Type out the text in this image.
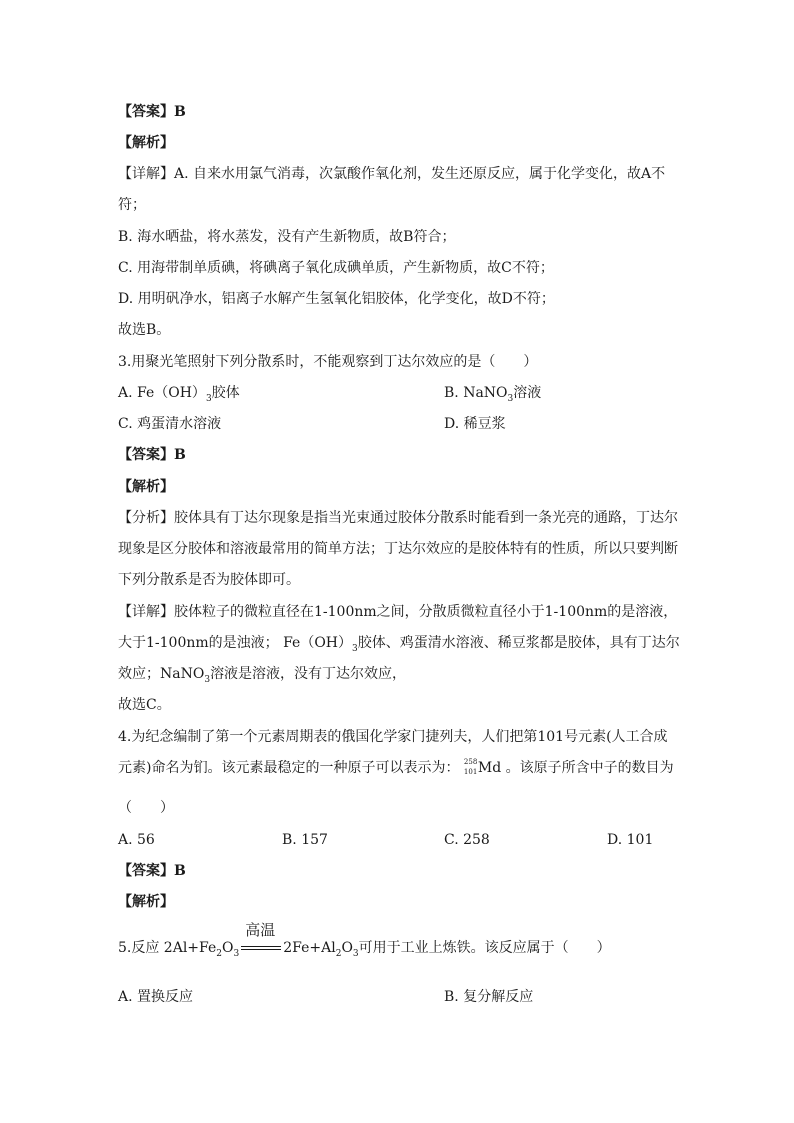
【答案】B
【解析】
【详解】A. 自来水用氯气消毒，次氯酸作氧化剂，发生还原反应，属于化学变化，故A不
符；
B. 海水晒盐，将水蒸发，没有产生新物质，故B符合；
C. 用海带制单质碘，将碘离子氧化成碘单质，产生新物质，故C不符；
D. 用明矾净水，铝离子水解产生氢氧化铝胶体，化学变化，故D不符；
故选B。
3.用聚光笔照射下列分散系时，不能观察到丁达尔效应的是（　　）
A. $Fe(OH)_3$胶体	B. NaNO$_3$溶液
C. 鸡蛋清水溶液	D. 稀豆浆
【答案】B
【解析】
【分析】胶体具有丁达尔现象是指当光束通过胶体分散系时能看到一条光亮的通路，丁达尔
现象是区分胶体和溶液最常用的简单方法；丁达尔效应的是胶体特有的性质，所以只要判断
下列分散系是否为胶体即可。
【详解】胶体粒子的微粒直径在1-100nm之间，分散质微粒直径小于1-100nm的是溶液，
大于1-100nm的是浊液； $Fe(OH)_3$胶体、鸡蛋清水溶液、稀豆浆都是胶体，具有丁达尔
效应；NaNO$_3$溶液是溶液，没有丁达尔效应，
故选C。
4.为纪念编制了第一个元素周期表的俄国化学家门捷列夫，人们把第101号元素(人工合成
元素)命名为钔。该元素最稳定的一种原子可以表示为： 258
101 Md 。该原子所含中子的数目为
（　　）
A. 56	B. 157	C. 258	D. 101
【答案】B
【解析】
5.反应 $2Al+Fe_2O_3$
高温
$2Fe+Al_2O_3$可用于工业上炼铁。该反应属于（　　）
A. 置换反应	B. 复分解反应
